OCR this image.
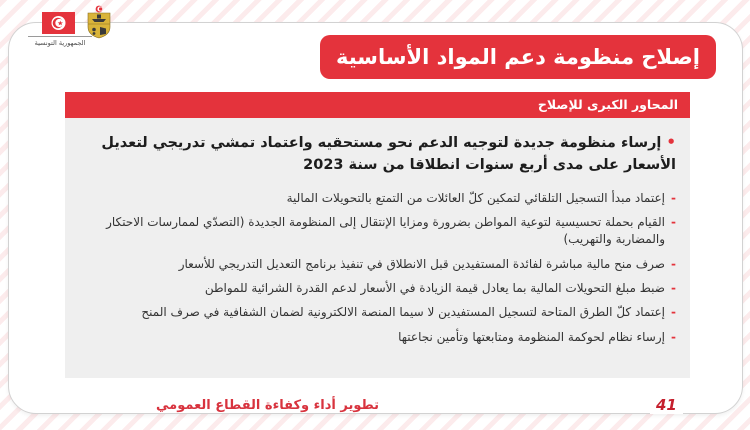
الجمهورية التونسية
إصلاح منظومة دعم المواد الأساسية
المحاور الكبرى للإصلاح
•إرساء منظومة جديدة لتوجيه الدعم نحو مستحقيه واعتماد تمشي تدريجي لتعديل الأسعار على مدى أربع سنوات انطلاقا من سنة 2023
-
إعتماد مبدأ التسجيل التلقائي لتمكين كلّ العائلات من التمتع بالتحويلات المالية
-
القيام بحملة تحسيسية لتوعية المواطن بضرورة ومزايا الإنتقال إلى المنظومة الجديدة (التصدّي لممارسات الاحتكار والمضاربة والتهريب)
-
صرف منح مالية مباشرة لفائدة المستفيدين قبل الانطلاق في تنفيذ برنامج التعديل التدريجي للأسعار
-
ضبط مبلغ التحويلات المالية بما يعادل قيمة الزيادة في الأسعار لدعم القدرة الشرائية للمواطن
-
إعتماد كلّ الطرق المتاحة لتسجيل المستفيدين لا سيما المنصة الالكترونية لضمان الشفافية في صرف المنح
-
إرساء نظام لحوكمة المنظومة ومتابعتها وتأمين نجاعتها
تطوير أداء وكفاءة القطاع العمومي	41
